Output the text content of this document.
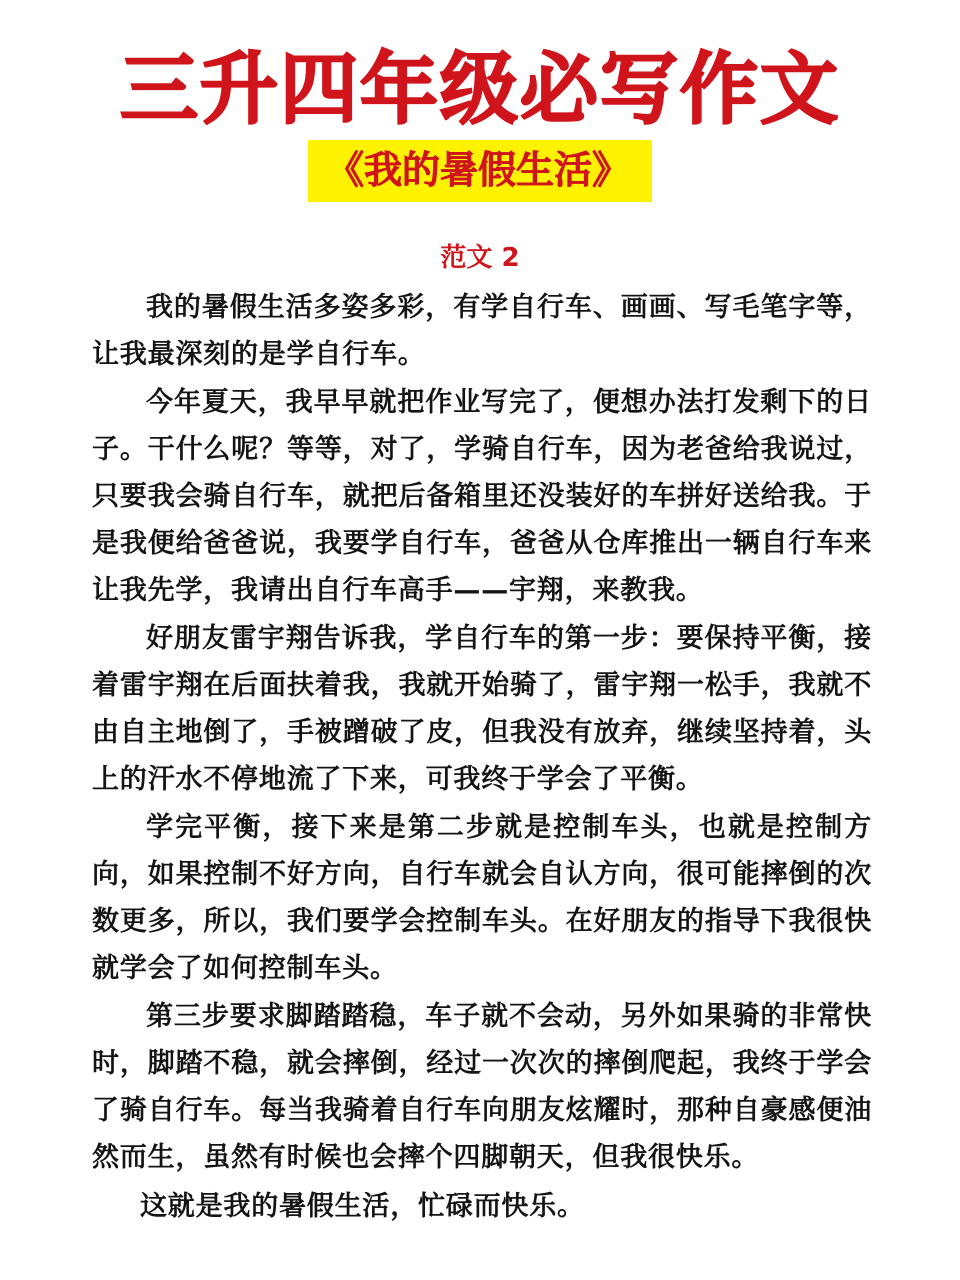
三升四年级必写作文
《我的暑假生活》
范文 2

我的暑假生活多姿多彩，有学自行车、画画、写毛笔字等，让我最深刻的是学自行车。

今年夏天，我早早就把作业写完了，便想办法打发剩下的日子。干什么呢？等等，对了，学骑自行车，因为老爸给我说过，只要我会骑自行车，就把后备箱里还没装好的车拼好送给我。于是我便给爸爸说，我要学自行车，爸爸从仓库推出一辆自行车来让我先学，我请出自行车高手——宇翔，来教我。

好朋友雷宇翔告诉我，学自行车的第一步：要保持平衡，接着雷宇翔在后面扶着我，我就开始骑了，雷宇翔一松手，我就不由自主地倒了，手被蹭破了皮，但我没有放弃，继续坚持着，头上的汗水不停地流了下来，可我终于学会了平衡。

学完平衡，接下来是第二步就是控制车头，也就是控制方向，如果控制不好方向，自行车就会自认方向，很可能摔倒的次数更多，所以，我们要学会控制车头。在好朋友的指导下我很快就学会了如何控制车头。

第三步要求脚踏踏稳，车子就不会动，另外如果骑的非常快时，脚踏不稳，就会摔倒，经过一次次的摔倒爬起，我终于学会了骑自行车。每当我骑着自行车向朋友炫耀时，那种自豪感便油然而生，虽然有时候也会摔个四脚朝天，但我很快乐。

这就是我的暑假生活，忙碌而快乐。
